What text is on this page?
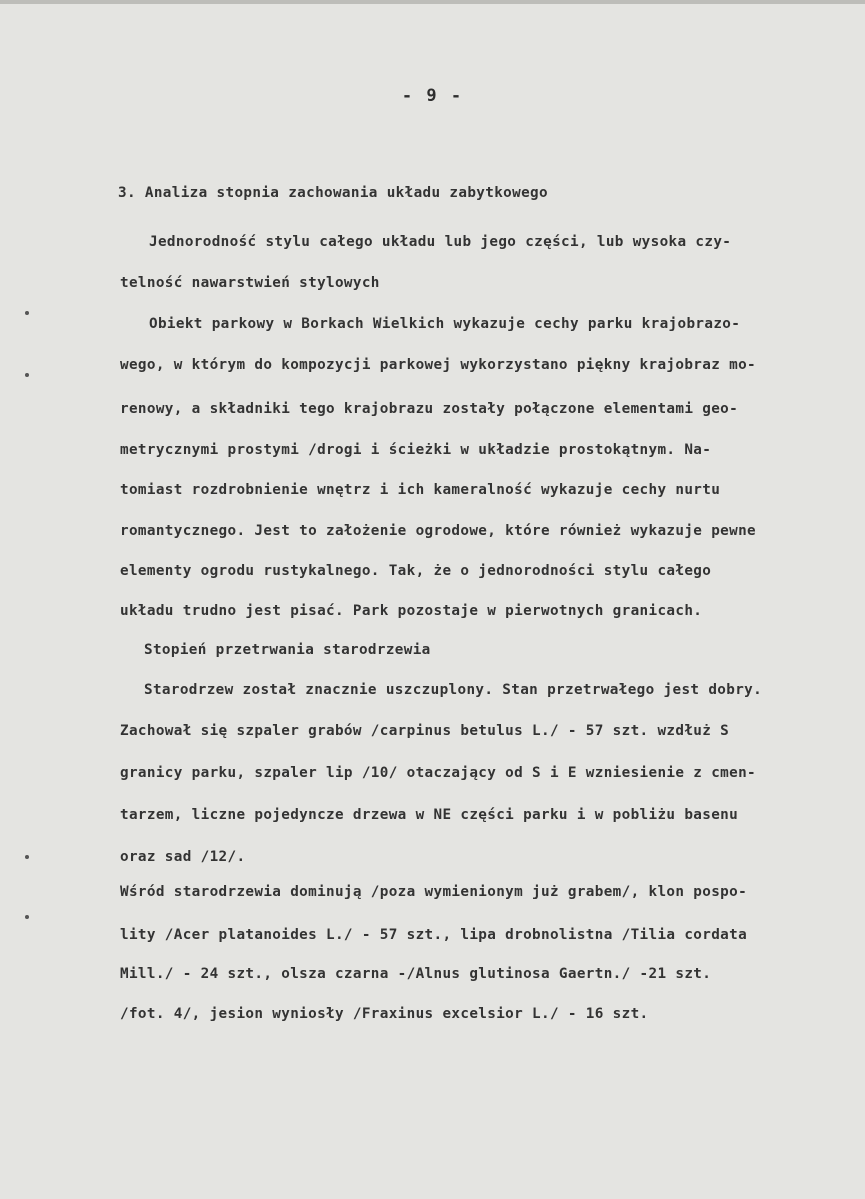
- 9 -
3. Analiza stopnia zachowania układu zabytkowego
Jednorodność stylu całego układu lub jego części, lub wysoka czy-
telność nawarstwień stylowych
Obiekt parkowy w Borkach Wielkich wykazuje cechy parku krajobrazo-
wego, w którym do kompozycji parkowej wykorzystano piękny krajobraz mo-
renowy, a składniki tego krajobrazu zostały połączone elementami geo-
metrycznymi prostymi /drogi i ścieżki w układzie prostokątnym. Na-
tomiast rozdrobnienie wnętrz i ich kameralność wykazuje cechy nurtu
romantycznego. Jest to założenie ogrodowe, które również wykazuje pewne
elementy ogrodu rustykalnego. Tak, że o jednorodności stylu całego
układu trudno jest pisać. Park pozostaje w pierwotnych granicach.
Stopień przetrwania starodrzewia
Starodrzew został znacznie uszczuplony. Stan przetrwałego jest dobry.
Zachował się szpaler grabów /carpinus betulus L./ - 57 szt. wzdłuż S
granicy parku, szpaler lip /10/ otaczający od S i E wzniesienie z cmen-
tarzem, liczne pojedyncze drzewa w NE części parku i w pobliżu basenu
oraz sad /12/.
Wśród starodrzewia dominują /poza wymienionym już grabem/, klon pospo-
lity /Acer platanoides L./ - 57 szt., lipa drobnolistna /Tilia cordata
Mill./ - 24 szt., olsza czarna -/Alnus glutinosa Gaertn./ -21 szt.
/fot. 4/, jesion wyniosły /Fraxinus excelsior L./ - 16 szt.
